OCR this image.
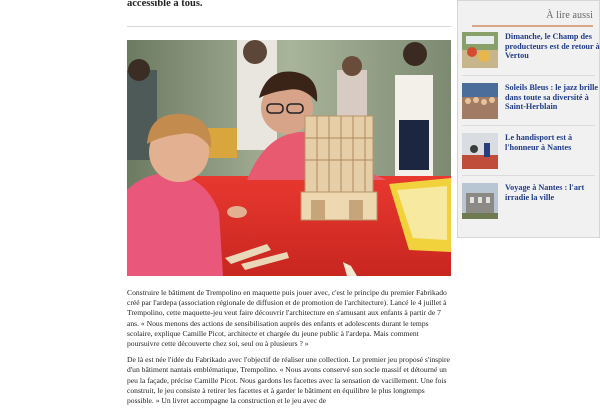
accessible à tous.

Construire le bâtiment de Trempolino en maquette puis jouer avec, c'est le principe du premier Fabrikado créé par l'ardepa (association régionale de diffusion et de promotion de l'architecture). Lancé le 4 juillet à Trempolino, cette maquette-jeu veut faire découvrir l'architecture en s'amusant aux enfants à partir de 7 ans. « Nous menons des actions de sensibilisation auprès des enfants et adolescents durant le temps scolaire, explique Camille Picot, architecte et chargée du jeune public à l'ardepa. Mais comment poursuivre cette découverte chez soi, seul ou à plusieurs ? »

De là est née l'idée du Fabrikado avec l'objectif de réaliser une collection. Le premier jeu proposé s'inspire d'un bâtiment nantais emblématique, Trempolino. « Nous avons conservé son socle massif et détourné un peu la façade, précise Camille Picot. Nous gardons les facettes avec la sensation de vacillement. Une fois construit, le jeu consiste à retirer les facettes et à garder le bâtiment en équilibre le plus longtemps possible. » Un livret accompagne la construction et le jeu avec de

À lire aussi
Dimanche, le Champ des producteurs est de retour à Vertou
Soleils Bleus : le jazz brille dans toute sa diversité à Saint-Herblain
Le handisport est à l'honneur à Nantes
Voyage à Nantes : l'art irradie la ville
